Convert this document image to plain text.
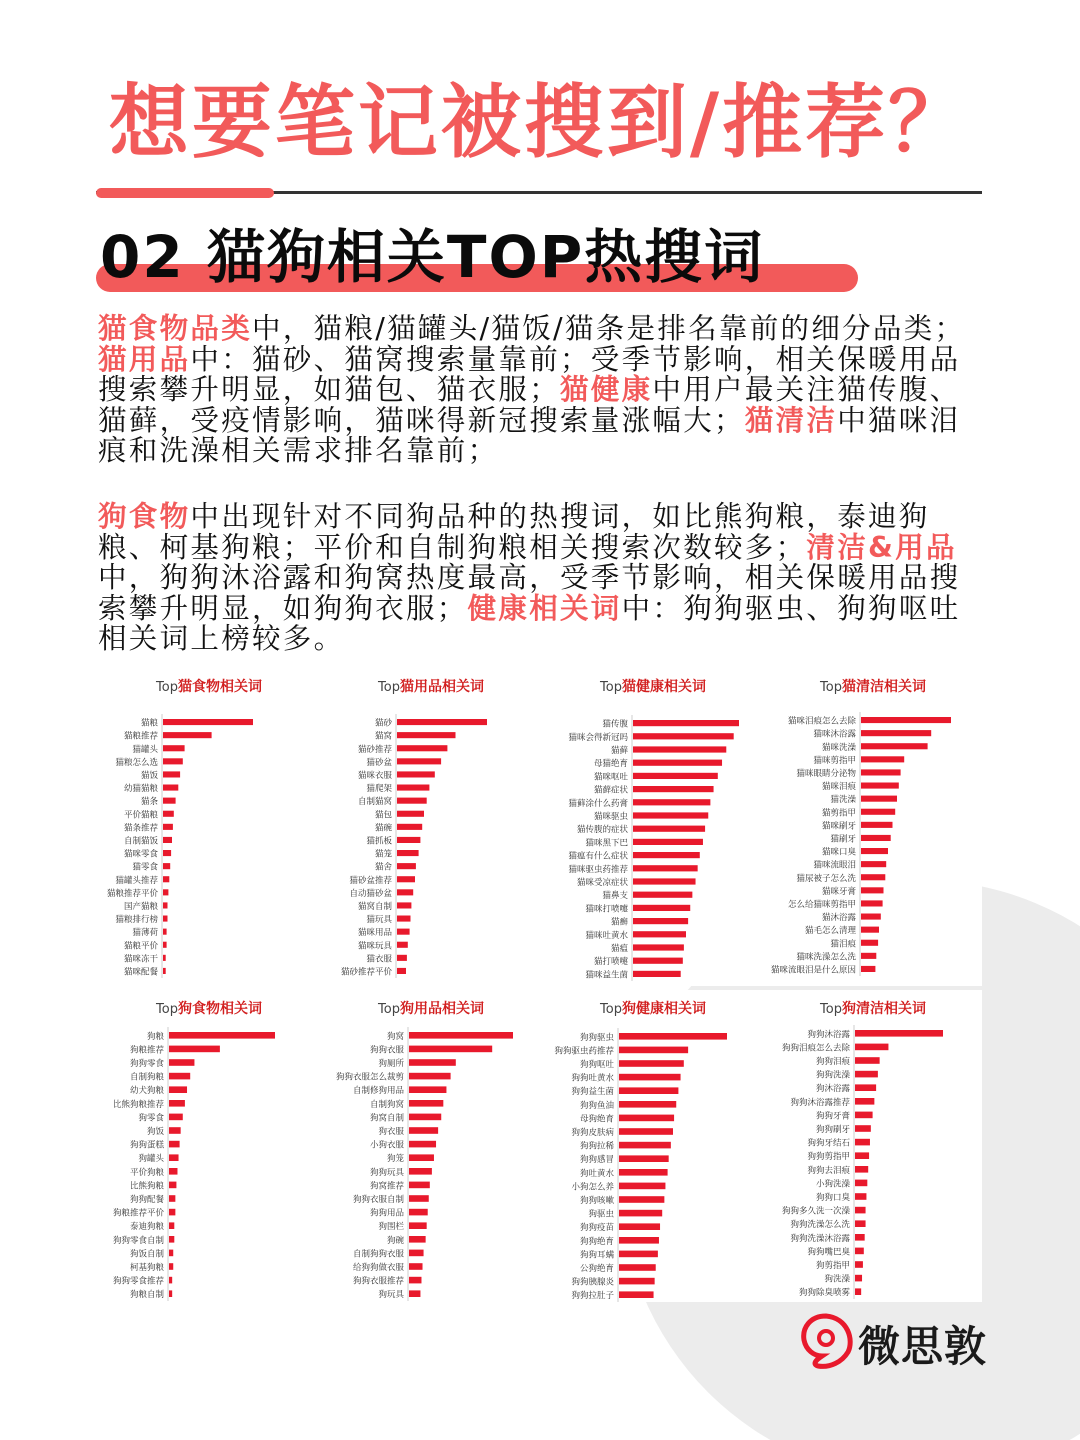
想要笔记被搜到/推荐？
02 猫狗相关TOP热搜词

猫食物品类中，猫粮/猫罐头/猫饭/猫条是排名靠前的细分品类；猫用品中：猫砂、猫窝搜索量靠前；受季节影响，相关保暖用品搜索攀升明显，如猫包、猫衣服；猫健康中用户最关注猫传腹、猫藓，受疫情影响，猫咪得新冠搜索量涨幅大；猫清洁中猫咪泪痕和洗澡相关需求排名靠前；

狗食物中出现针对不同狗品种的热搜词，如比熊狗粮，泰迪狗粮、柯基狗粮；平价和自制狗粮相关搜索次数较多；清洁&用品中，狗狗沐浴露和狗窝热度最高，受季节影响，相关保暖用品搜索攀升明显，如狗狗衣服；健康相关词中：狗狗驱虫、狗狗呕吐相关词上榜较多。

Top猫食物相关词
猫粮
猫粮推荐
猫罐头
猫粮怎么选
猫饭
幼猫猫粮
猫条
平价猫粮
猫条推荐
自制猫饭
猫咪零食
猫零食
猫罐头推荐
猫粮推荐平价
国产猫粮
猫粮排行榜
猫薄荷
猫粮平价
猫咪冻干
猫咪配餐
Top猫用品相关词
猫砂
猫窝
猫砂推荐
猫砂盆
猫咪衣服
猫爬架
自制猫窝
猫包
猫碗
猫抓板
猫笼
猫舍
猫砂盆推荐
自动猫砂盆
猫窝自制
猫玩具
猫咪用品
猫咪玩具
猫衣服
猫砂推荐平价
Top猫健康相关词
猫传腹
猫咪会得新冠吗
猫藓
母猫绝育
猫咪呕吐
猫藓症状
猫藓涂什么药膏
猫咪驱虫
猫传腹的症状
猫咪黑下巴
猫瘟有什么症状
猫咪驱虫药推荐
猫咪受凉症状
猫鼻支
猫咪打喷嚏
猫癣
猫咪吐黄水
猫瘟
猫打喷嚏
猫咪益生菌
Top猫清洁相关词
猫咪泪痕怎么去除
猫咪沐浴露
猫咪洗澡
猫咪剪指甲
猫咪眼睛分泌物
猫咪泪痕
猫洗澡
猫剪指甲
猫咪刷牙
猫刷牙
猫咪口臭
猫咪流眼泪
猫尿被子怎么洗
猫咪牙膏
怎么给猫咪剪指甲
猫沐浴露
猫毛怎么清理
猫泪痕
猫咪洗澡怎么洗
猫咪流眼泪是什么原因
Top狗食物相关词
狗粮
狗粮推荐
狗狗零食
自制狗粮
幼犬狗粮
比熊狗粮推荐
狗零食
狗饭
狗狗蛋糕
狗罐头
平价狗粮
比熊狗粮
狗狗配餐
狗粮推荐平价
泰迪狗粮
狗狗零食自制
狗饭自制
柯基狗粮
狗狗零食推荐
狗粮自制
Top狗用品相关词
狗窝
狗狗衣服
狗厕所
狗狗衣服怎么裁剪
自制修狗用品
自制狗窝
狗窝自制
狗衣服
小狗衣服
狗笼
狗狗玩具
狗窝推荐
狗狗衣服自制
狗狗用品
狗围栏
狗碗
自制狗狗衣服
给狗狗做衣服
狗狗衣服推荐
狗玩具
Top狗健康相关词
狗狗驱虫
狗狗驱虫药推荐
狗狗呕吐
狗狗吐黄水
狗狗益生菌
狗狗鱼油
母狗绝育
狗狗皮肤病
狗狗拉稀
狗狗感冒
狗吐黄水
小狗怎么养
狗狗咳嗽
狗驱虫
狗狗疫苗
狗狗绝育
狗狗耳螨
公狗绝育
狗狗胰腺炎
狗狗拉肚子
Top狗清洁相关词
狗狗沐浴露
狗狗泪痕怎么去除
狗狗泪痕
狗狗洗澡
狗沐浴露
狗狗沐浴露推荐
狗狗牙膏
狗狗刷牙
狗狗牙结石
狗狗剪指甲
狗狗去泪痕
小狗洗澡
狗狗口臭
狗狗多久洗一次澡
狗狗洗澡怎么洗
狗狗洗澡沐浴露
狗狗嘴巴臭
狗剪指甲
狗洗澡
狗狗除臭喷雾
微思敦
